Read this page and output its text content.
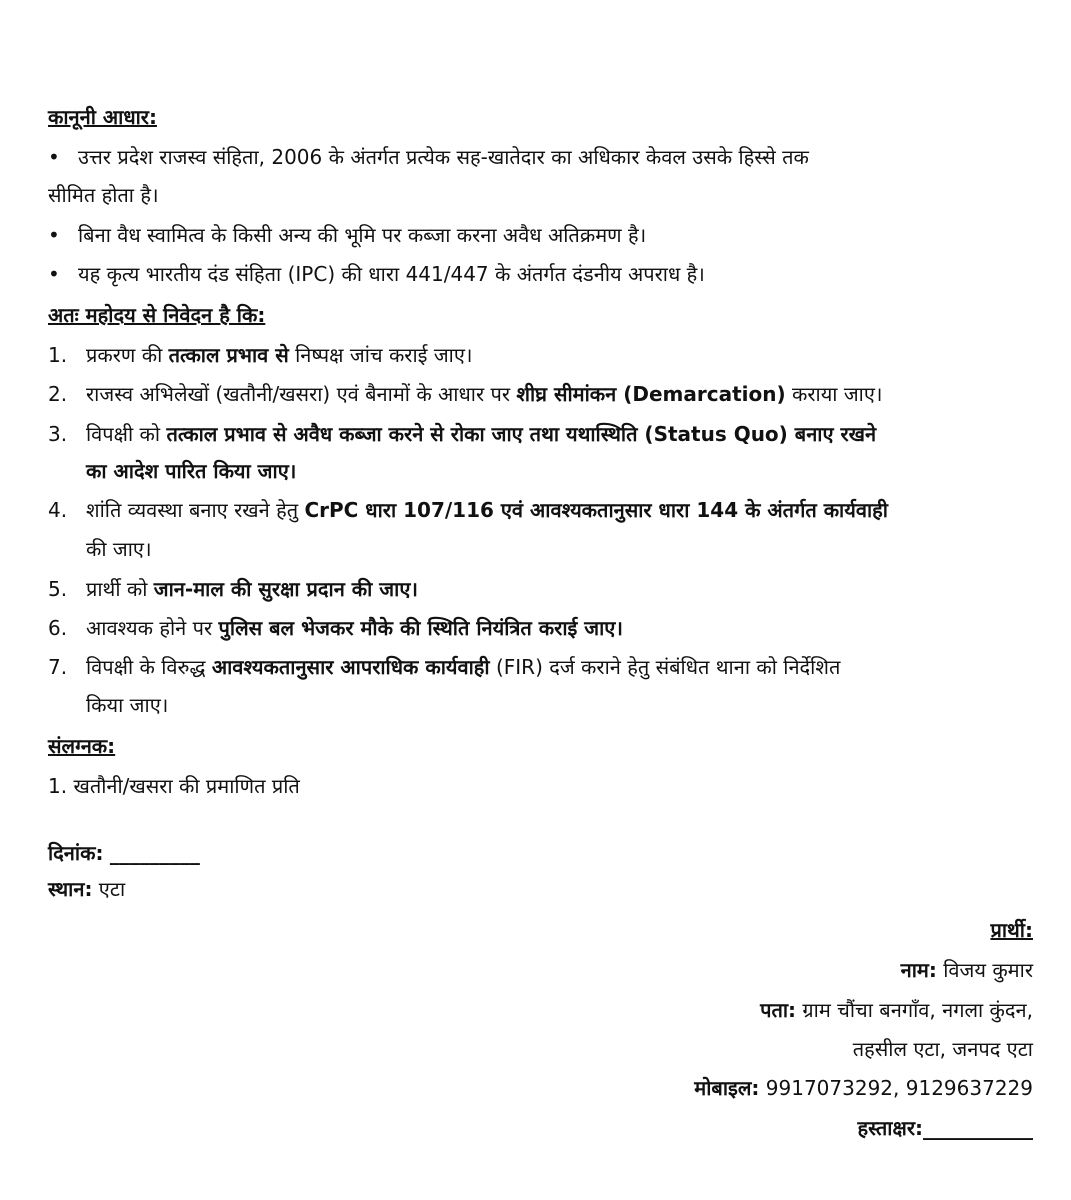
कानूनी आधार:
• उत्तर प्रदेश राजस्व संहिता, 2006 के अंतर्गत प्रत्येक सह-खातेदार का अधिकार केवल उसके हिस्से तक
सीमित होता है।
• बिना वैध स्वामित्व के किसी अन्य की भूमि पर कब्जा करना अवैध अतिक्रमण है।
• यह कृत्य भारतीय दंड संहिता (IPC) की धारा 441/447 के अंतर्गत दंडनीय अपराध है।
अतः महोदय से निवेदन है कि:
1. प्रकरण की तत्काल प्रभाव से निष्पक्ष जांच कराई जाए।
2. राजस्व अभिलेखों (खतौनी/खसरा) एवं बैनामों के आधार पर शीघ्र सीमांकन (Demarcation) कराया जाए।
3. विपक्षी को तत्काल प्रभाव से अवैध कब्जा करने से रोका जाए तथा यथास्थिति (Status Quo) बनाए रखने
का आदेश पारित किया जाए।
4. शांति व्यवस्था बनाए रखने हेतु CrPC धारा 107/116 एवं आवश्यकतानुसार धारा 144 के अंतर्गत कार्यवाही
की जाए।
5. प्रार्थी को जान-माल की सुरक्षा प्रदान की जाए।
6. आवश्यक होने पर पुलिस बल भेजकर मौके की स्थिति नियंत्रित कराई जाए।
7. विपक्षी के विरुद्ध आवश्यकतानुसार आपराधिक कार्यवाही (FIR) दर्ज कराने हेतु संबंधित थाना को निर्देशित
किया जाए।
संलग्नक:
1. खतौनी/खसरा की प्रमाणित प्रति
दिनांक: _________
स्थान: एटा
प्रार्थी:
नाम: विजय कुमार
पता: ग्राम चौंचा बनगाँव, नगला कुंदन,
तहसील एटा, जनपद एटा
मोबाइल: 9917073292, 9129637229
हस्ताक्षर:___________
